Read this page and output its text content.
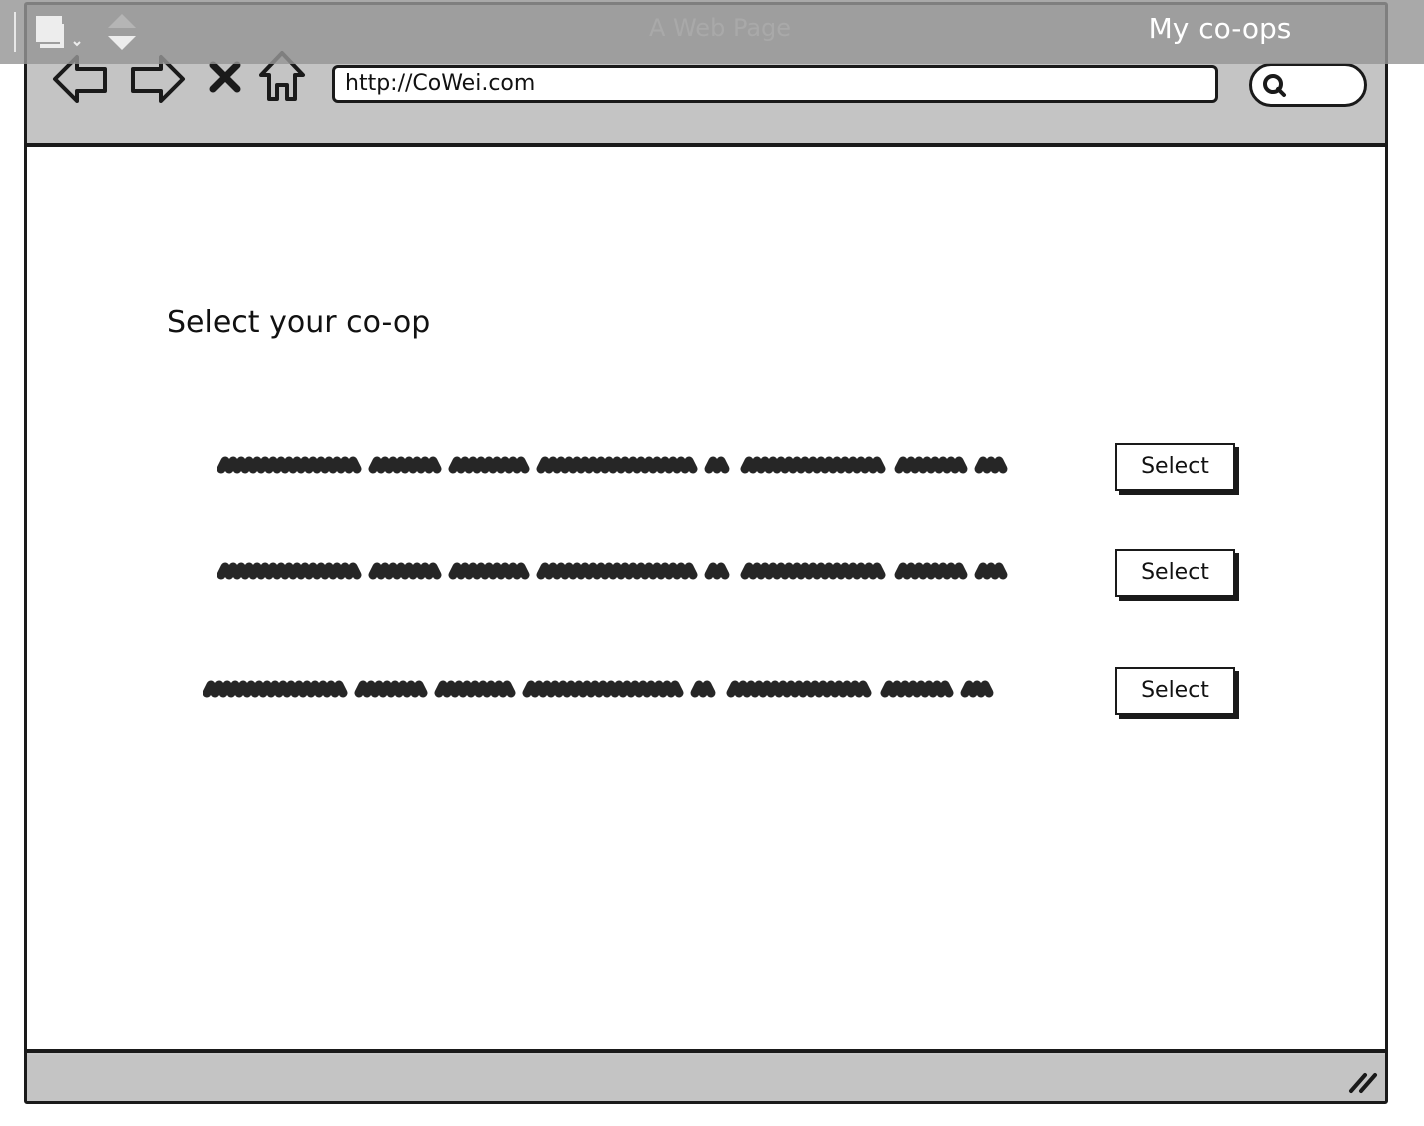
A Web Page	My co-ops
http://CoWei.com
Select your co-op
Select
Select
Select
